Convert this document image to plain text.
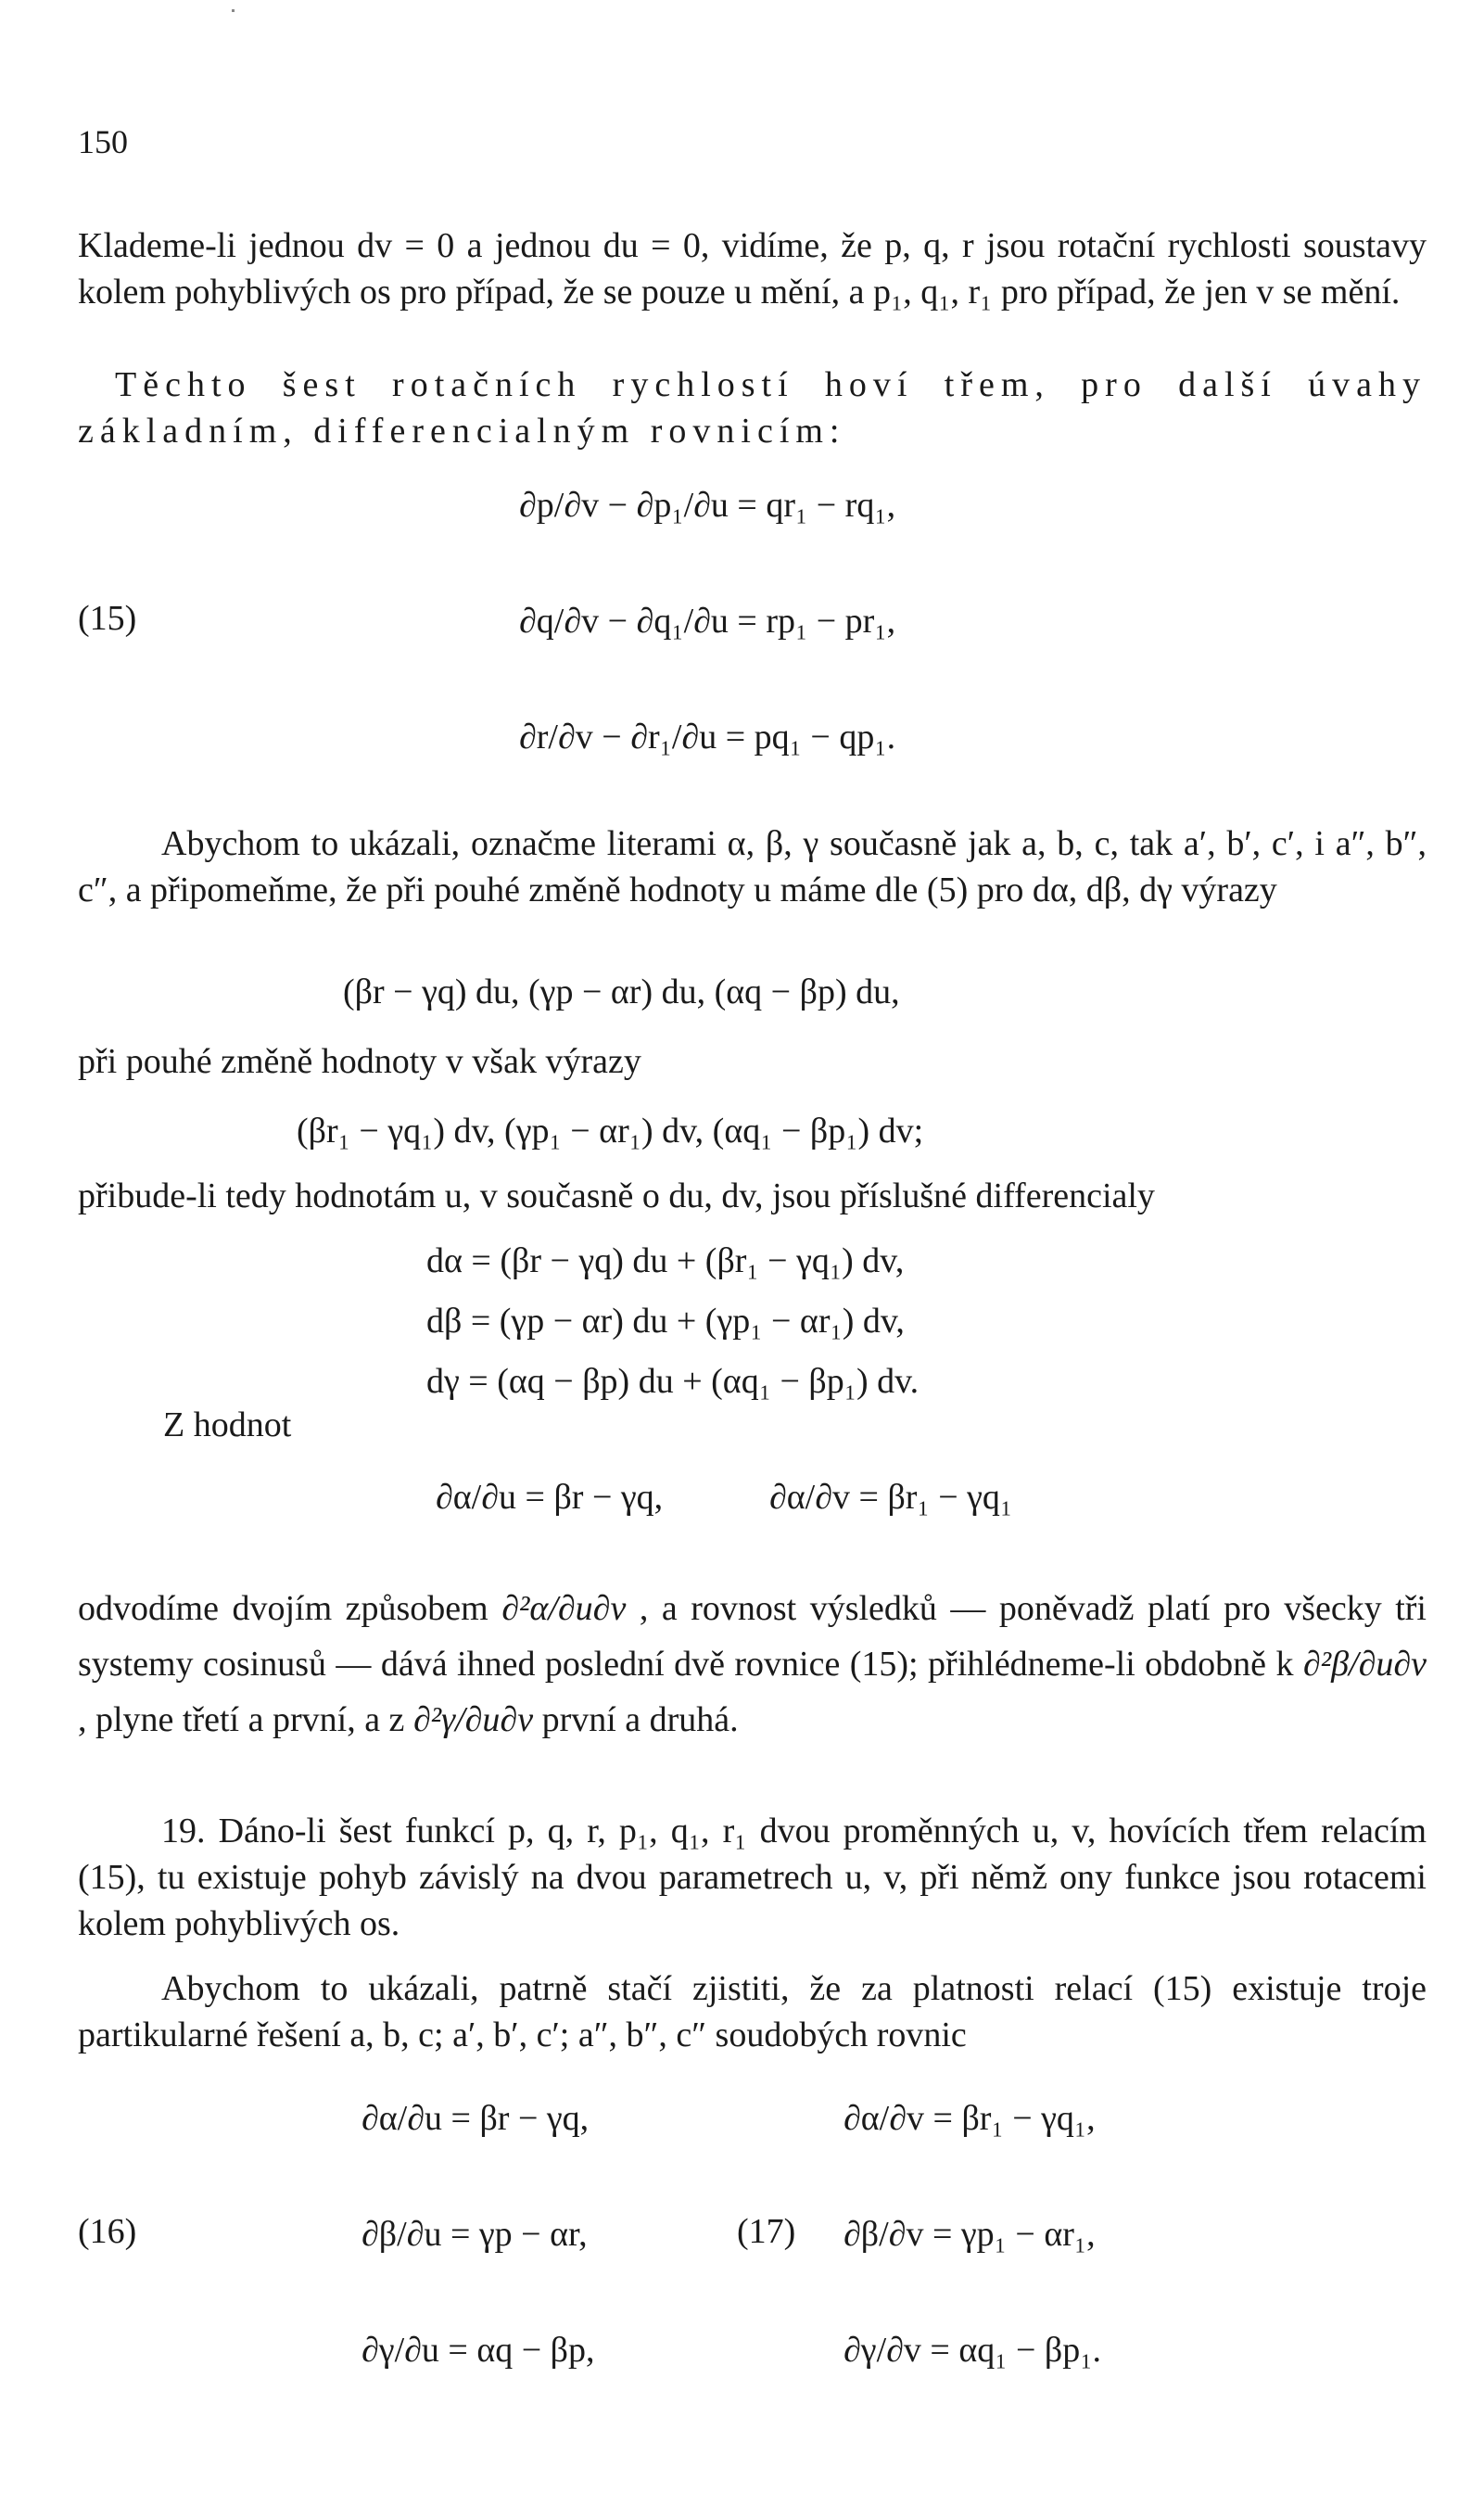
150
Klademe-li jednou dv = 0 a jednou du = 0, vidíme, že p, q, r jsou rotační rychlosti soustavy kolem pohyblivých os pro případ, že se pouze u mění, a p₁, q₁, r₁ pro případ, že jen v se mění.
Těchto šest rotačních rychlostí hoví třem, pro další úvahy základním, differencialným rovnicím:
(15)
∂p/∂v − ∂p₁/∂u = qr₁ − rq₁,
∂q/∂v − ∂q₁/∂u = rp₁ − pr₁,
∂r/∂v − ∂r₁/∂u = pq₁ − qp₁.
Abychom to ukázali, označme literami α, β, γ současně jak a, b, c, tak a′, b′, c′, i a″, b″, c″, a připomeňme, že při pouhé změně hodnoty u máme dle (5) pro dα, dβ, dγ výrazy
(βr − γq) du, (γp − αr) du, (αq − βp) du,
při pouhé změně hodnoty v však výrazy
(βr₁ − γq₁) dv, (γp₁ − αr₁) dv, (αq₁ − βp₁) dv;
přibude-li tedy hodnotám u, v současně o du, dv, jsou příslušné differencialy
dα = (βr − γq) du + (βr₁ − γq₁) dv,
dβ = (γp − αr) du + (γp₁ − αr₁) dv,
dγ = (αq − βp) du + (αq₁ − βp₁) dv.
Z hodnot
∂α/∂u = βr − γq,	∂α/∂v = βr₁ − γq₁
odvodíme dvojím způsobem ∂²α/∂u∂v , a rovnost výsledků — poněvadž platí pro všecky tři systemy cosinusů — dává ihned poslední dvě rovnice (15); přihlédneme-li obdobně k ∂²β/∂u∂v , plyne třetí a první, a z ∂²γ/∂u∂v první a druhá.
19. Dáno-li šest funkcí p, q, r, p₁, q₁, r₁ dvou proměnných u, v, hovících třem relacím (15), tu existuje pohyb závislý na dvou parametrech u, v, při němž ony funkce jsou rotacemi kolem pohyblivých os.
Abychom to ukázali, patrně stačí zjistiti, že za platnosti relací (15) existuje troje partikularné řešení a, b, c; a′, b′, c′; a″, b″, c″ soudobých rovnic
(16)
∂α/∂u = βr − γq,
∂β/∂u = γp − αr,
∂γ/∂u = αq − βp,
(17)
∂α/∂v = βr₁ − γq₁,
∂β/∂v = γp₁ − αr₁,
∂γ/∂v = αq₁ − βp₁.
